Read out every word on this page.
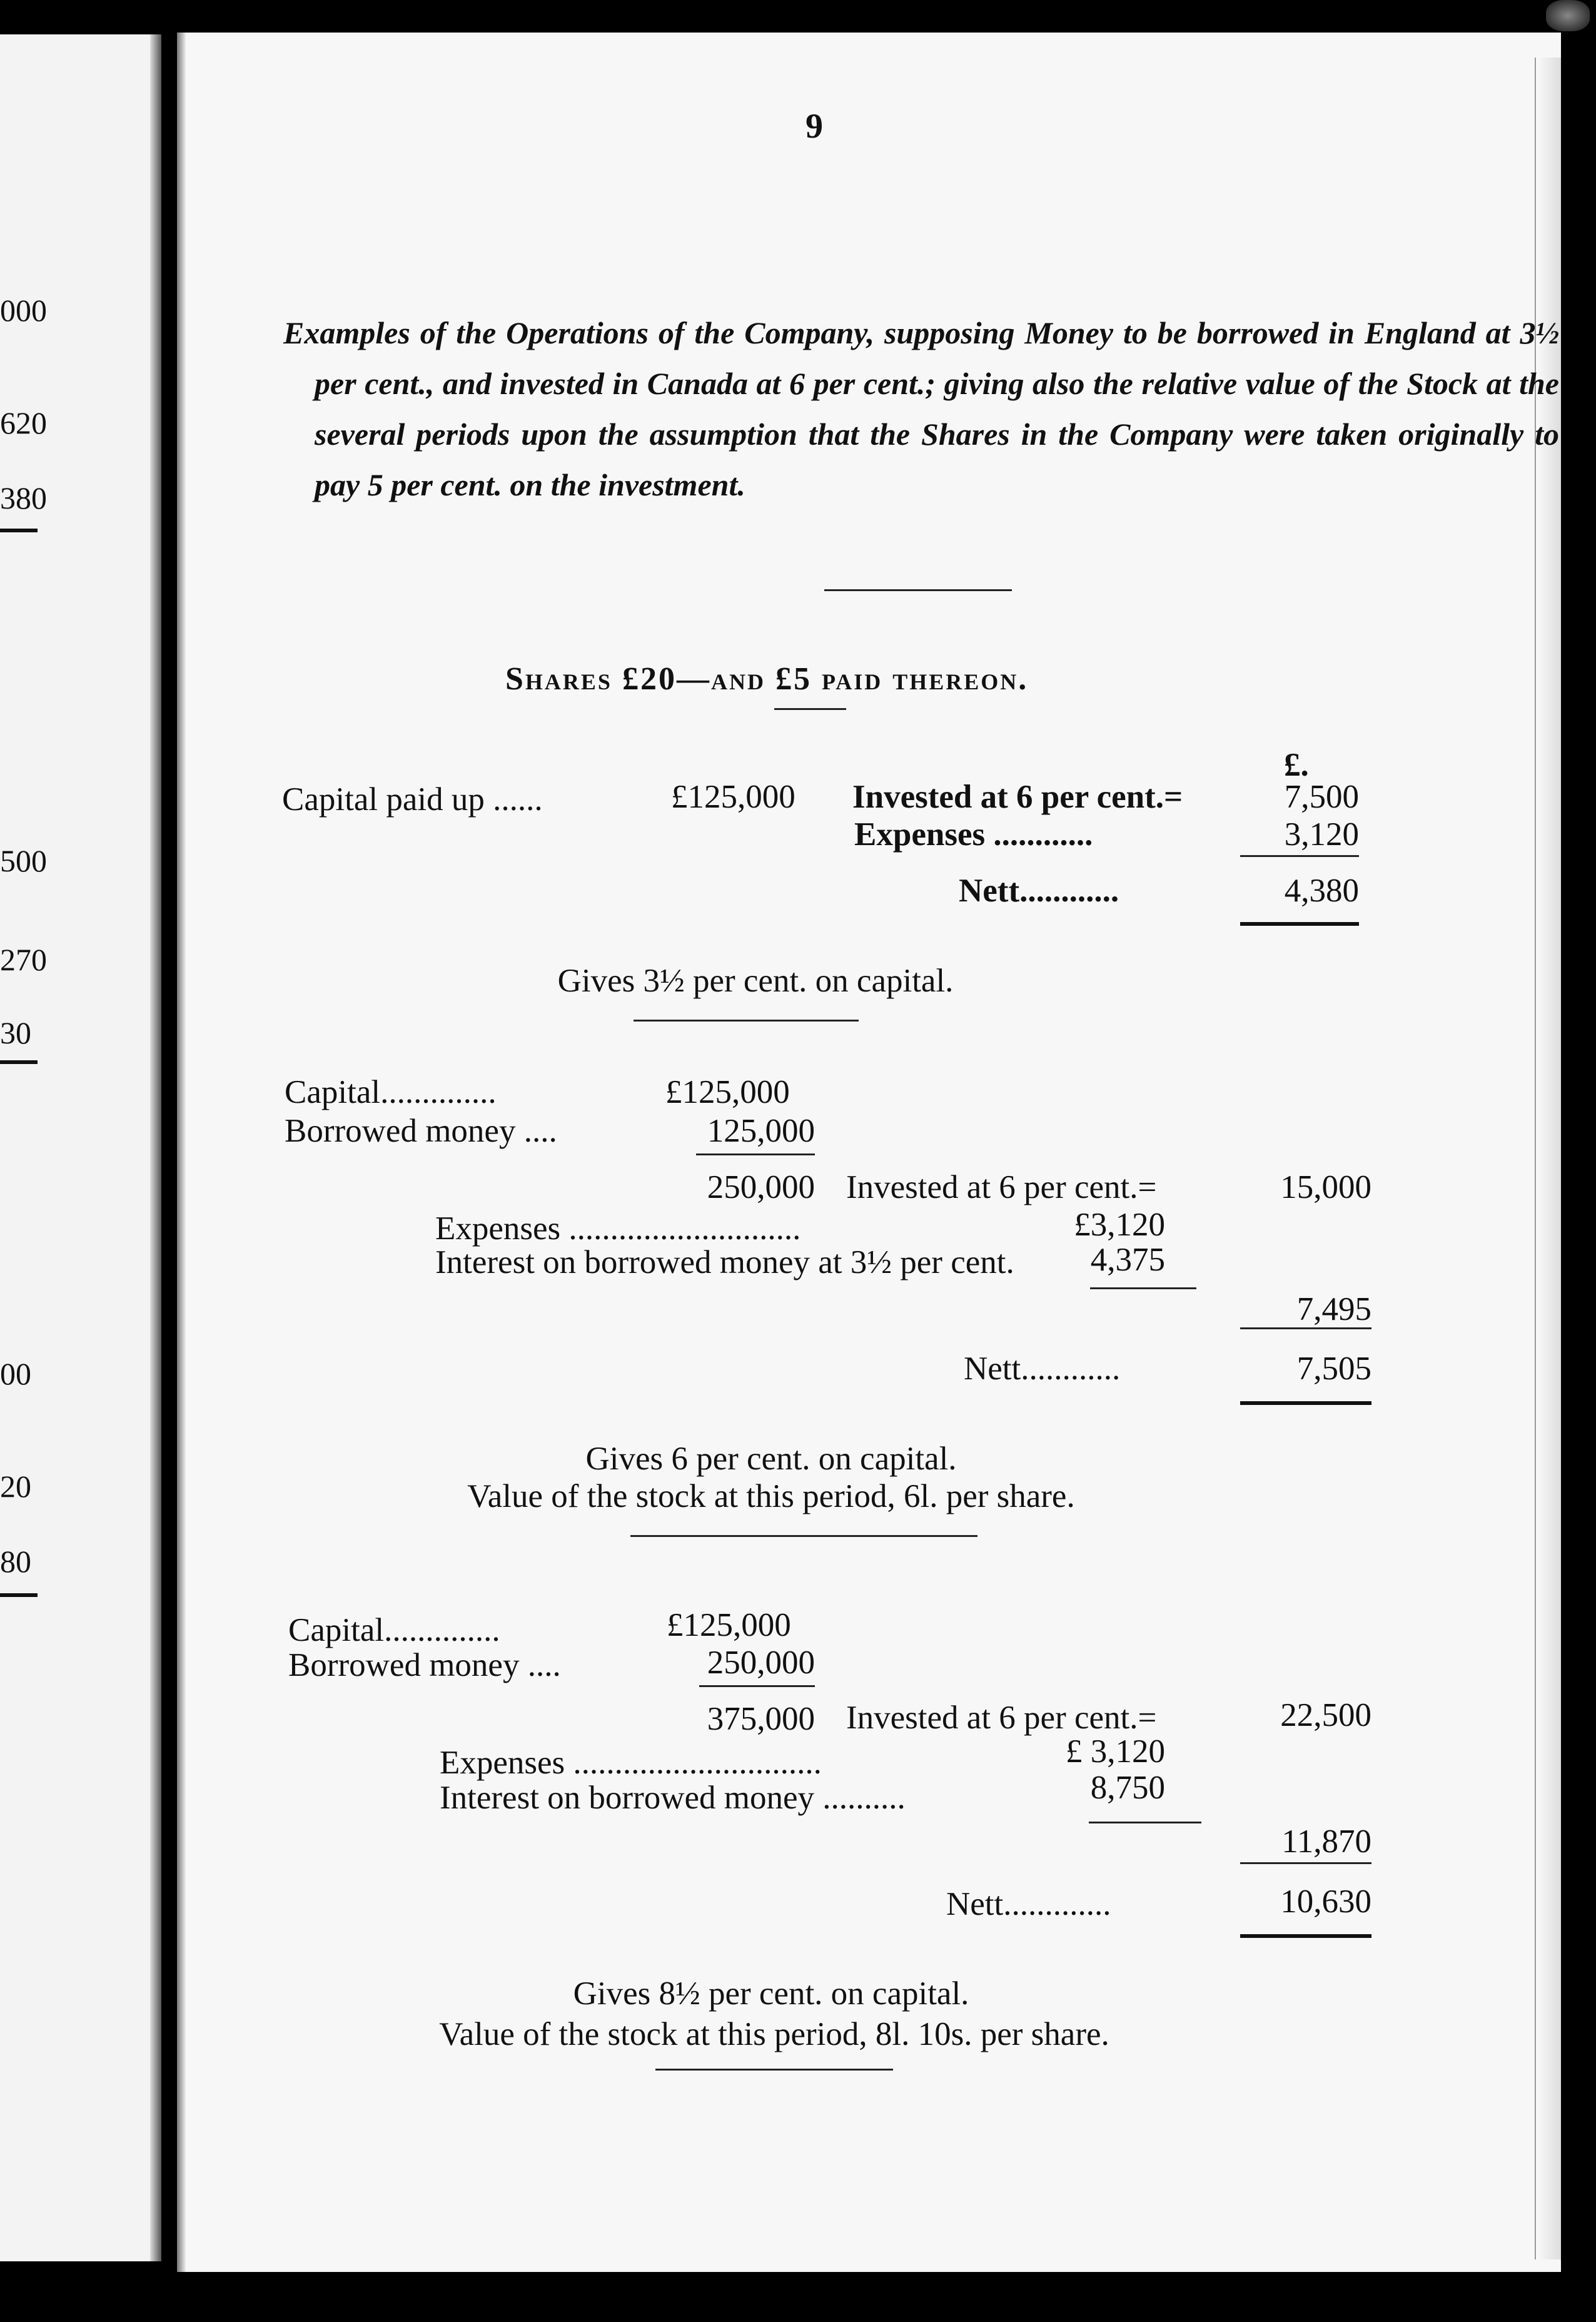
000
620
380
500
270
30
00
20
80
9
Examples of the Operations of the Company, supposing Money to be borrowed in England at 3½ per cent., and invested in Canada at 6 per cent.; giving also the relative value of the Stock at the several periods upon the assumption that the Shares in the Company were taken originally to pay 5 per cent. on the investment.
Shares £20—and £5 paid thereon.
£.
Capital paid up ......	£125,000 Invested at 6 per cent.=	7,500
Expenses ............	3,120
Nett............	4,380
Gives 3½ per cent. on capital.
Capital..............	£125,000
Borrowed money ....	125,000
250,000 Invested at 6 per cent.=	15,000
Expenses ............................	£3,120
Interest on borrowed money at 3½ per cent.	4,375
7,495
Nett............	7,505
Gives 6 per cent. on capital.
Value of the stock at this period, 6l. per share.
Capital..............	£125,000
Borrowed money ....	250,000
375,000 Invested at 6 per cent.=	22,500
Expenses ..............................	£ 3,120
Interest on borrowed money ..........	8,750
11,870
Nett.............	10,630
Gives 8½ per cent. on capital.
Value of the stock at this period, 8l. 10s. per share.
